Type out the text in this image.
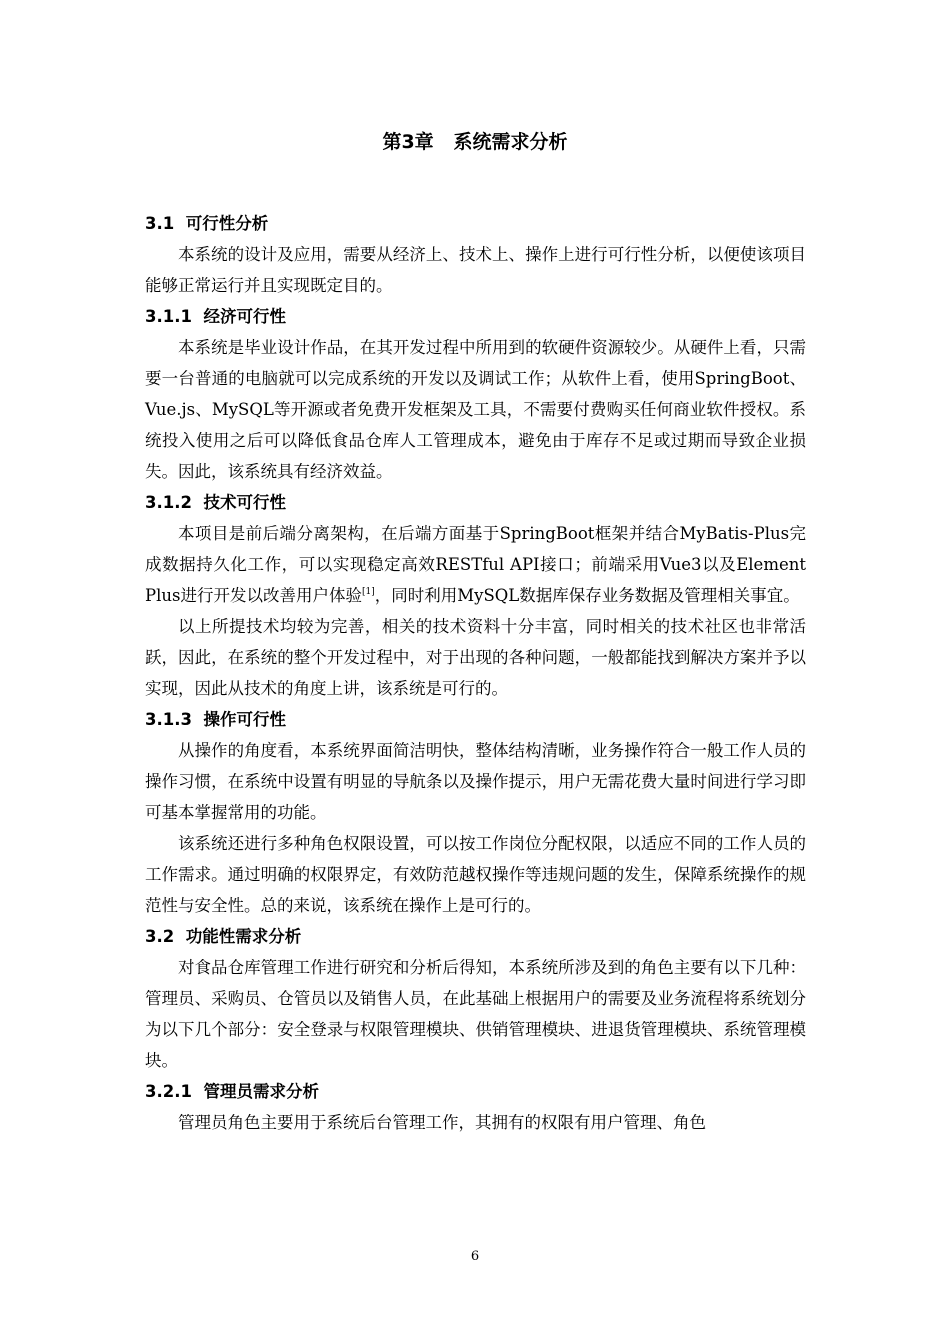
第3章   系统需求分析
3.1  可行性分析

本系统的设计及应用，需要从经济上、技术上、操作上进行可行性分析，以便使该项目能够正常运行并且实现既定目的。

3.1.1  经济可行性

本系统是毕业设计作品，在其开发过程中所用到的软硬件资源较少。从硬件上看，只需要一台普通的电脑就可以完成系统的开发以及调试工作；从软件上看，使用SpringBoot、Vue.js、MySQL等开源或者免费开发框架及工具，不需要付费购买任何商业软件授权。系统投入使用之后可以降低食品仓库人工管理成本，避免由于库存不足或过期而导致企业损失。因此，该系统具有经济效益。

3.1.2  技术可行性

本项目是前后端分离架构，在后端方面基于SpringBoot框架并结合MyBatis-Plus完成数据持久化工作，可以实现稳定高效RESTful API接口；前端采用Vue3以及Element Plus进行开发以改善用户体验[1]，同时利用MySQL数据库保存业务数据及管理相关事宜。

以上所提技术均较为完善，相关的技术资料十分丰富，同时相关的技术社区也非常活跃，因此，在系统的整个开发过程中，对于出现的各种问题，一般都能找到解决方案并予以实现，因此从技术的角度上讲，该系统是可行的。

3.1.3  操作可行性

从操作的角度看，本系统界面简洁明快，整体结构清晰，业务操作符合一般工作人员的操作习惯，在系统中设置有明显的导航条以及操作提示，用户无需花费大量时间进行学习即可基本掌握常用的功能。

该系统还进行多种角色权限设置，可以按工作岗位分配权限，以适应不同的工作人员的工作需求。通过明确的权限界定，有效防范越权操作等违规问题的发生，保障系统操作的规范性与安全性。总的来说，该系统在操作上是可行的。

3.2  功能性需求分析

对食品仓库管理工作进行研究和分析后得知，本系统所涉及到的角色主要有以下几种：管理员、采购员、仓管员以及销售人员，在此基础上根据用户的需要及业务流程将系统划分为以下几个部分：安全登录与权限管理模块、供销管理模块、进退货管理模块、系统管理模块。

3.2.1  管理员需求分析

管理员角色主要用于系统后台管理工作，其拥有的权限有用户管理、角色

6
